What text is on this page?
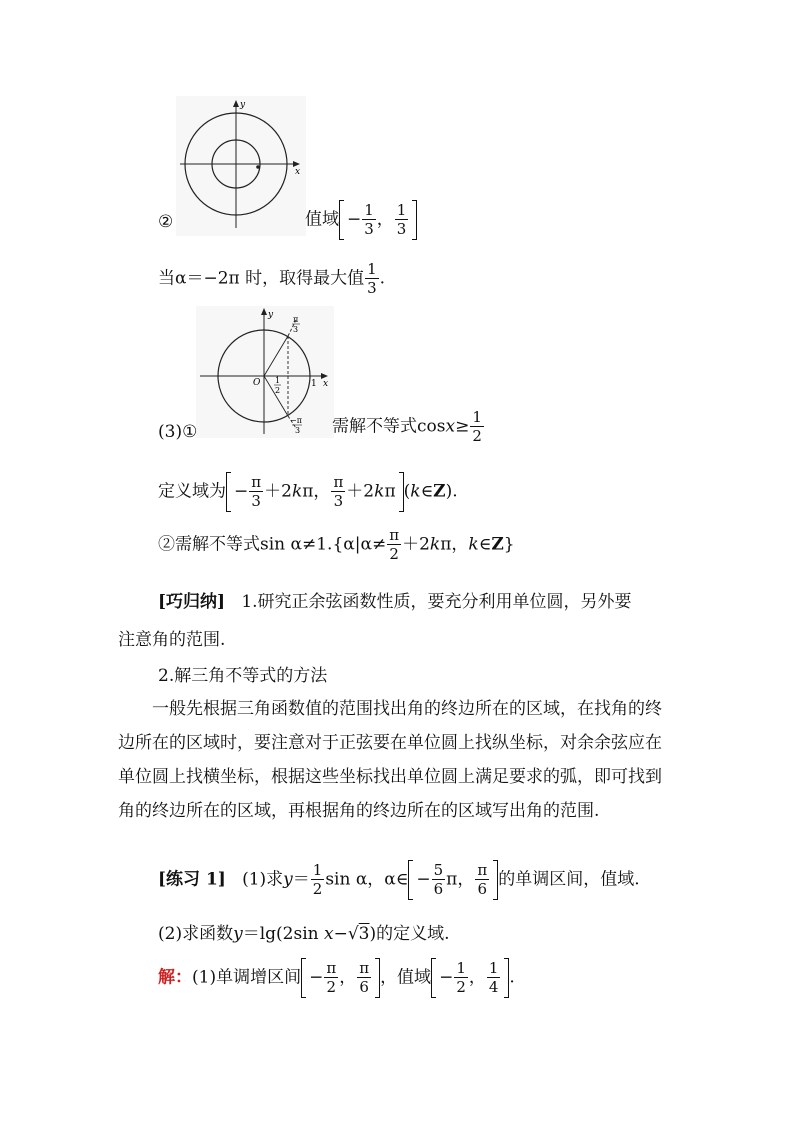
y
x
②	值域 − $\frac{1}{3}$ ， $\frac{1}{3}$
当α＝−2π 时，取得最大值 $\frac{1}{3}$ .
y
x
O	1
1
2
π
3
−π
3
(3)①	需解不等式$\cos x\ge \frac{1}{2}$
定义域为 − $\frac{\pi}{3} +2k\pi$， $\frac{\pi}{3} +2k\pi$ (k∈Z).
②需解不等式$\sin \alpha\ne 1.\{\alpha|\alpha\ne \frac{\pi}{2} +2k\pi$，k∈Z}
[巧归纳] 1.研究正余弦函数性质，要充分利用单位圆，另外要
注意角的范围.
2.解三角不等式的方法
一般先根据三角函数值的范围找出角的终边所在的区域，在找角的终边所在的区域时，要注意对于正弦要在单位圆上找纵坐标，对余余弦应在单位圆上找横坐标，根据这些坐标找出单位圆上满足要求的弧，即可找到角的终边所在的区域，再根据角的终边所在的区域写出角的范围.
[练习 1] (1)求$y= \frac{1}{2}$ sin α，α∈ − $\frac{5}{6}$ π， $\frac{\pi}{6}$ 的单调区间，值域.
(2)求函数y＝lg(2sin x−√3)的定义域.
解：(1)单调增区间 − $\frac{\pi}{2}$ ， $\frac{\pi}{6}$ ，值域 − $\frac{1}{2}$ ， $\frac{1}{4}$ .
